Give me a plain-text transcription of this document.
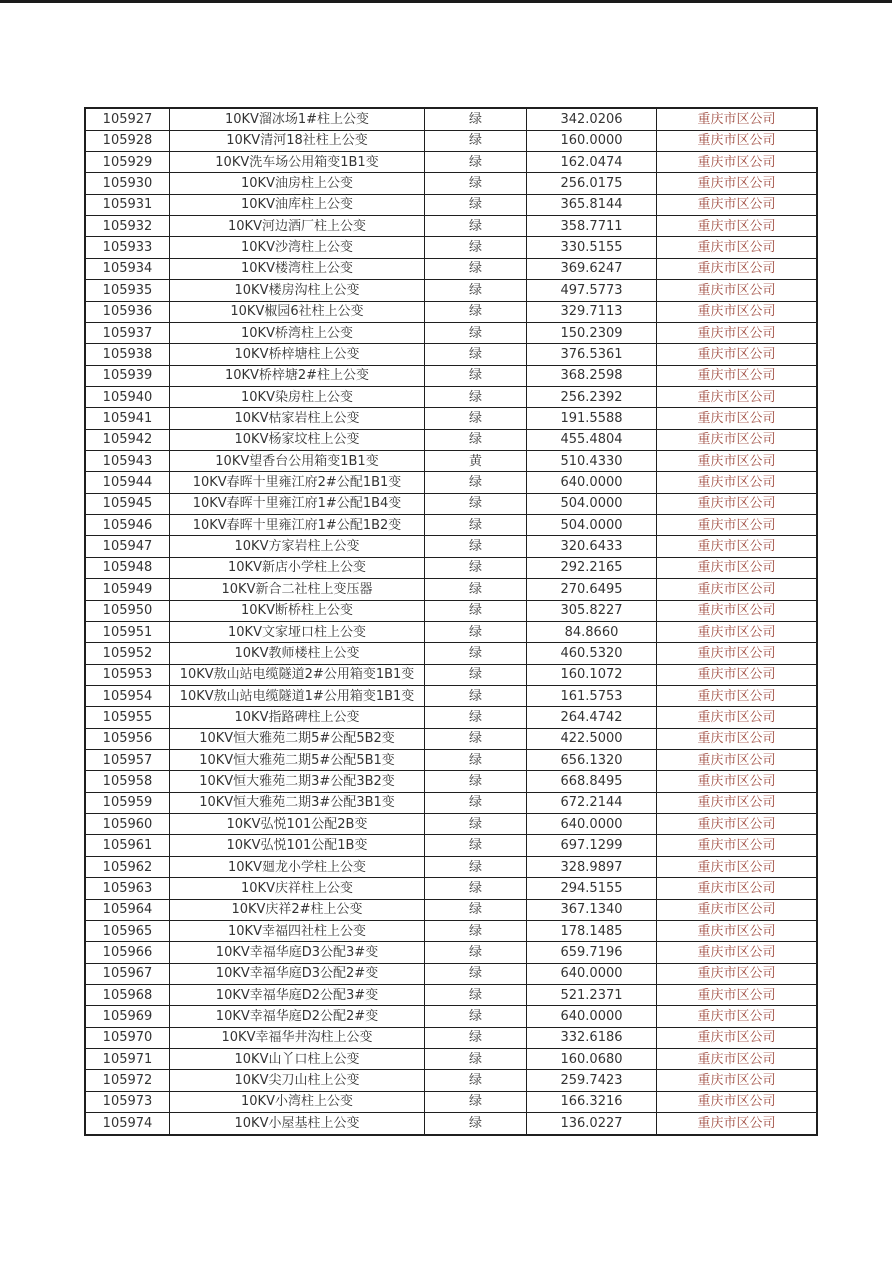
105927	10KV溜冰场1#柱上公变	绿	342.0206	重庆市区公司
105928	10KV清河18社柱上公变	绿	160.0000	重庆市区公司
105929	10KV洗车场公用箱变1B1变	绿	162.0474	重庆市区公司
105930	10KV油房柱上公变	绿	256.0175	重庆市区公司
105931	10KV油库柱上公变	绿	365.8144	重庆市区公司
105932	10KV河边酒厂柱上公变	绿	358.7711	重庆市区公司
105933	10KV沙湾柱上公变	绿	330.5155	重庆市区公司
105934	10KV楼湾柱上公变	绿	369.6247	重庆市区公司
105935	10KV楼房沟柱上公变	绿	497.5773	重庆市区公司
105936	10KV椒园6社柱上公变	绿	329.7113	重庆市区公司
105937	10KV桥湾柱上公变	绿	150.2309	重庆市区公司
105938	10KV桥梓塘柱上公变	绿	376.5361	重庆市区公司
105939	10KV桥梓塘2#柱上公变	绿	368.2598	重庆市区公司
105940	10KV染房柱上公变	绿	256.2392	重庆市区公司
105941	10KV枯家岩柱上公变	绿	191.5588	重庆市区公司
105942	10KV杨家坟柱上公变	绿	455.4804	重庆市区公司
105943	10KV望香台公用箱变1B1变	黄	510.4330	重庆市区公司
105944	10KV春晖十里雍江府2#公配1B1变	绿	640.0000	重庆市区公司
105945	10KV春晖十里雍江府1#公配1B4变	绿	504.0000	重庆市区公司
105946	10KV春晖十里雍江府1#公配1B2变	绿	504.0000	重庆市区公司
105947	10KV方家岩柱上公变	绿	320.6433	重庆市区公司
105948	10KV新店小学柱上公变	绿	292.2165	重庆市区公司
105949	10KV新合二社柱上变压器	绿	270.6495	重庆市区公司
105950	10KV断桥柱上公变	绿	305.8227	重庆市区公司
105951	10KV文家垭口柱上公变	绿	84.8660	重庆市区公司
105952	10KV教师楼柱上公变	绿	460.5320	重庆市区公司
105953	10KV敖山站电缆隧道2#公用箱变1B1变	绿	160.1072	重庆市区公司
105954	10KV敖山站电缆隧道1#公用箱变1B1变	绿	161.5753	重庆市区公司
105955	10KV指路碑柱上公变	绿	264.4742	重庆市区公司
105956	10KV恒大雅苑二期5#公配5B2变	绿	422.5000	重庆市区公司
105957	10KV恒大雅苑二期5#公配5B1变	绿	656.1320	重庆市区公司
105958	10KV恒大雅苑二期3#公配3B2变	绿	668.8495	重庆市区公司
105959	10KV恒大雅苑二期3#公配3B1变	绿	672.2144	重庆市区公司
105960	10KV弘悦101公配2B变	绿	640.0000	重庆市区公司
105961	10KV弘悦101公配1B变	绿	697.1299	重庆市区公司
105962	10KV廻龙小学柱上公变	绿	328.9897	重庆市区公司
105963	10KV庆祥柱上公变	绿	294.5155	重庆市区公司
105964	10KV庆祥2#柱上公变	绿	367.1340	重庆市区公司
105965	10KV幸福四社柱上公变	绿	178.1485	重庆市区公司
105966	10KV幸福华庭D3公配3#变	绿	659.7196	重庆市区公司
105967	10KV幸福华庭D3公配2#变	绿	640.0000	重庆市区公司
105968	10KV幸福华庭D2公配3#变	绿	521.2371	重庆市区公司
105969	10KV幸福华庭D2公配2#变	绿	640.0000	重庆市区公司
105970	10KV幸福华井沟柱上公变	绿	332.6186	重庆市区公司
105971	10KV山丫口柱上公变	绿	160.0680	重庆市区公司
105972	10KV尖刀山柱上公变	绿	259.7423	重庆市区公司
105973	10KV小湾柱上公变	绿	166.3216	重庆市区公司
105974	10KV小屋基柱上公变	绿	136.0227	重庆市区公司
